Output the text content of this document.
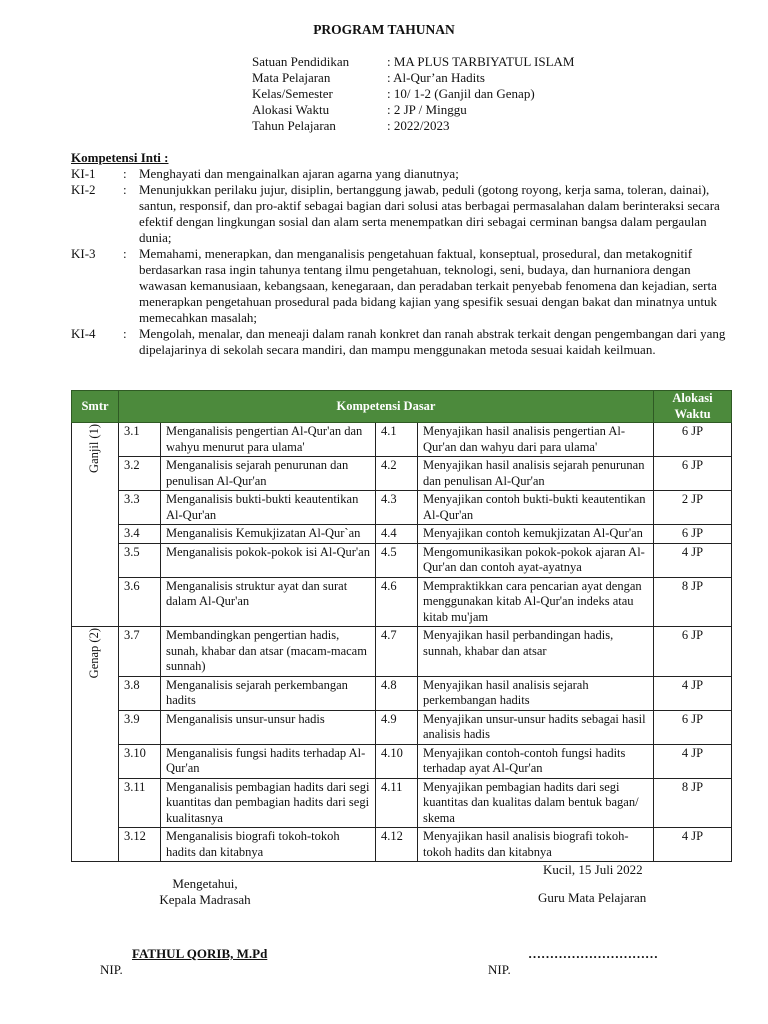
PROGRAM TAHUNAN
Satuan Pendidikan	: MA PLUS TARBIYATUL ISLAM
Mata Pelajaran	: Al-Qur’an Hadits
Kelas/Semester	: 10/ 1-2 (Ganjil dan Genap)
Alokasi Waktu	: 2 JP / Minggu
Tahun Pelajaran	: 2022/2023
Kompetensi Inti :
KI-1	: Menghayati dan mengainalkan ajaran agarna yang dianutnya;
KI-2	: Menunjukkan perilaku jujur, disiplin, bertanggung jawab, peduli (gotong royong, kerja sama, toleran, dainai), santun, responsif, dan pro-aktif sebagai bagian dari solusi atas berbagai permasalahan dalam berinteraksi secara efektif dengan lingkungan sosial dan alam serta menempatkan diri sebagai cerminan bangsa dalam pergaulan dunia;
KI-3	: Memahami, menerapkan, dan menganalisis pengetahuan faktual, konseptual, prosedural, dan metakognitif berdasarkan rasa ingin tahunya tentang ilmu pengetahuan, teknologi, seni, budaya, dan hurnaniora dengan wawasan kemanusiaan, kebangsaan, kenegaraan, dan peradaban terkait penyebab fenomena dan kejadian, serta menerapkan pengetahuan prosedural pada bidang kajian yang spesifik sesuai dengan bakat dan minatnya untuk memecahkan masalah;
KI-4	: Mengolah, menalar, dan meneaji dalam ranah konkret dan ranah abstrak terkait dengan pengembangan dari yang dipelajarinya di sekolah secara mandiri, dan mampu menggunakan metoda sesuai kaidah keilmuan.
Smtr	Kompetensi Dasar				Alokasi Waktu
Ganjil (1)	3.1	Menganalisis pengertian Al-Qur'an dan wahyu menurut para ulama'	4.1	Menyajikan hasil analisis pengertian Al-Qur'an dan wahyu dari para ulama'	6 JP
	3.2	Menganalisis sejarah penurunan dan penulisan Al-Qur'an	4.2	Menyajikan hasil analisis sejarah penurunan dan penulisan Al-Qur'an	6 JP
	3.3	Menganalisis bukti-bukti keautentikan Al-Qur'an	4.3	Menyajikan contoh bukti-bukti keautentikan Al-Qur'an	2 JP
	3.4	Menganalisis Kemukjizatan Al-Qur`an	4.4	Menyajikan contoh kemukjizatan Al-Qur'an	6 JP
	3.5	Menganalisis pokok-pokok isi Al-Qur'an	4.5	Mengomunikasikan pokok-pokok ajaran Al-Qur'an dan contoh ayat-ayatnya	4 JP
	3.6	Menganalisis struktur ayat dan surat dalam Al-Qur'an	4.6	Mempraktikkan cara pencarian ayat dengan menggunakan kitab Al-Qur'an indeks atau kitab mu'jam	8 JP
Genap (2)	3.7	Membandingkan pengertian hadis, sunah, khabar dan atsar (macam-macam sunnah)	4.7	Menyajikan hasil perbandingan hadis, sunnah, khabar dan atsar	6 JP
	3.8	Menganalisis sejarah perkembangan hadits	4.8	Menyajikan hasil analisis sejarah perkembangan hadits	4 JP
	3.9	Menganalisis unsur-unsur hadis	4.9	Menyajikan unsur-unsur hadits sebagai hasil analisis hadis	6 JP
	3.10	Menganalisis fungsi hadits terhadap Al-Qur'an	4.10	Menyajikan contoh-contoh fungsi hadits terhadap ayat Al-Qur'an	4 JP
	3.11	Menganalisis pembagian hadits dari segi kuantitas dan pembagian hadits dari segi kualitasnya	4.11	Menyajikan pembagian hadits dari segi kuantitas dan kualitas dalam bentuk bagan/ skema	8 JP
	3.12	Menganalisis biografi tokoh-tokoh hadits dan kitabnya	4.12	Menyajikan hasil analisis biografi tokoh-tokoh hadits dan kitabnya	4 JP
Kucil, 15 Juli 2022
Mengetahui,
Kepala Madrasah	Guru Mata Pelajaran
FATHUL QORIB, M.Pd	…………………………
NIP.	NIP.
